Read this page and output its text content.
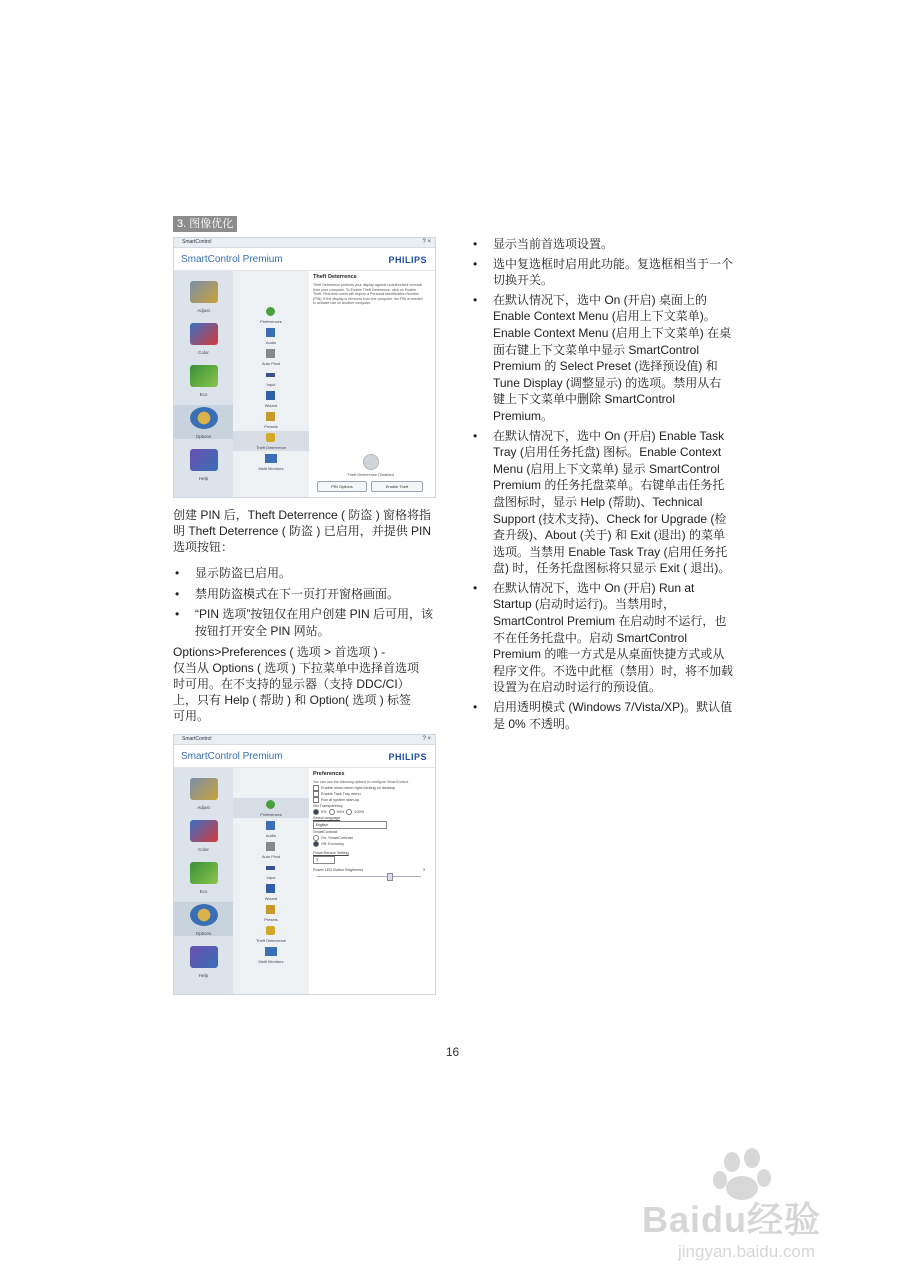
3. 图像优化
SmartControl	? ×
SmartControl Premium	PHILIPS
Adjust
Color
Eco
Options
Help
Preferences
Audio
Auto Pivot
Input
Wizard
Presets
Theft Deterrence
Multi Monitors
Theft Deterrence
Theft Deterrence protects your display against unauthorized removal from your computer. To Enable Theft Deterrence, click on Enable Theft. First-time users will require a Personal Identification Number (PIN). If the display is removed from the computer, the PIN is needed to activate use on another computer.
Theft Deterrence Disabled
PIN Options	Enable Theft
创建 PIN 后，Theft Deterrence ( 防盗 ) 窗格将指明 Theft Deterrence ( 防盗 ) 已启用，并提供 PIN 选项按钮：
• 显示防盗已启用。
• 禁用防盗模式在下一页打开窗格画面。
• “PIN 选项”按钮仅在用户创建 PIN 后可用，该按钮打开安全 PIN 网站。
Options>Preferences ( 选项 > 首选项 ) -
仅当从 Options ( 选项 ) 下拉菜单中选择首选项时可用。在不支持的显示器（支持 DDC/CI）上，只有 Help ( 帮助 ) 和 Option( 选项 ) 标签可用。
SmartControl	? ×
SmartControl Premium	PHILIPS
Adjust
Color
Eco
Options
Help
Preferences
Audio
Auto Pivot
Input
Wizard
Presets
Theft Deterrence
Multi Monitors
Preferences
You can use the following options to configure SmartControl.
Enable menu when right-clicking on desktop
Enable Task Tray menu
Run at system start-up
Set Transparency
0%	50%	100%
Select language
English
SmartContrast
On: SmartContrast
Off: Economy
PowerSensor Setting
3
Power LED Button Brightness	3
• 显示当前首选项设置。
• 选中复选框时启用此功能。复选框相当于一个切换开关。
• 在默认情况下，选中 On (开启) 桌面上的 Enable Context Menu (启用上下文菜单)。Enable Context Menu (启用上下文菜单) 在桌面右键上下文菜单中显示 SmartControl Premium 的 Select Preset (选择预设值) 和 Tune Display (调整显示) 的选项。禁用从右键上下文菜单中删除 SmartControl Premium。
• 在默认情况下，选中 On (开启) Enable Task Tray (启用任务托盘) 图标。Enable Context Menu (启用上下文菜单) 显示 SmartControl Premium 的任务托盘菜单。右键单击任务托盘图标时，显示 Help (帮助)、Technical Support (技术支持)、Check for Upgrade (检查升级)、About (关于) 和 Exit (退出) 的菜单选项。当禁用 Enable Task Tray (启用任务托盘) 时，任务托盘图标将只显示 Exit ( 退出)。
• 在默认情况下，选中 On (开启) Run at Startup (启动时运行)。当禁用时，SmartControl Premium 在启动时不运行，也不在任务托盘中。启动 SmartControl Premium 的唯一方式是从桌面快捷方式或从程序文件。不选中此框（禁用）时，将不加载设置为在启动时运行的预设值。
• 启用透明模式 (Windows 7/Vista/XP)。默认值是 0% 不透明。
16
Baidu经验
jingyan.baidu.com
